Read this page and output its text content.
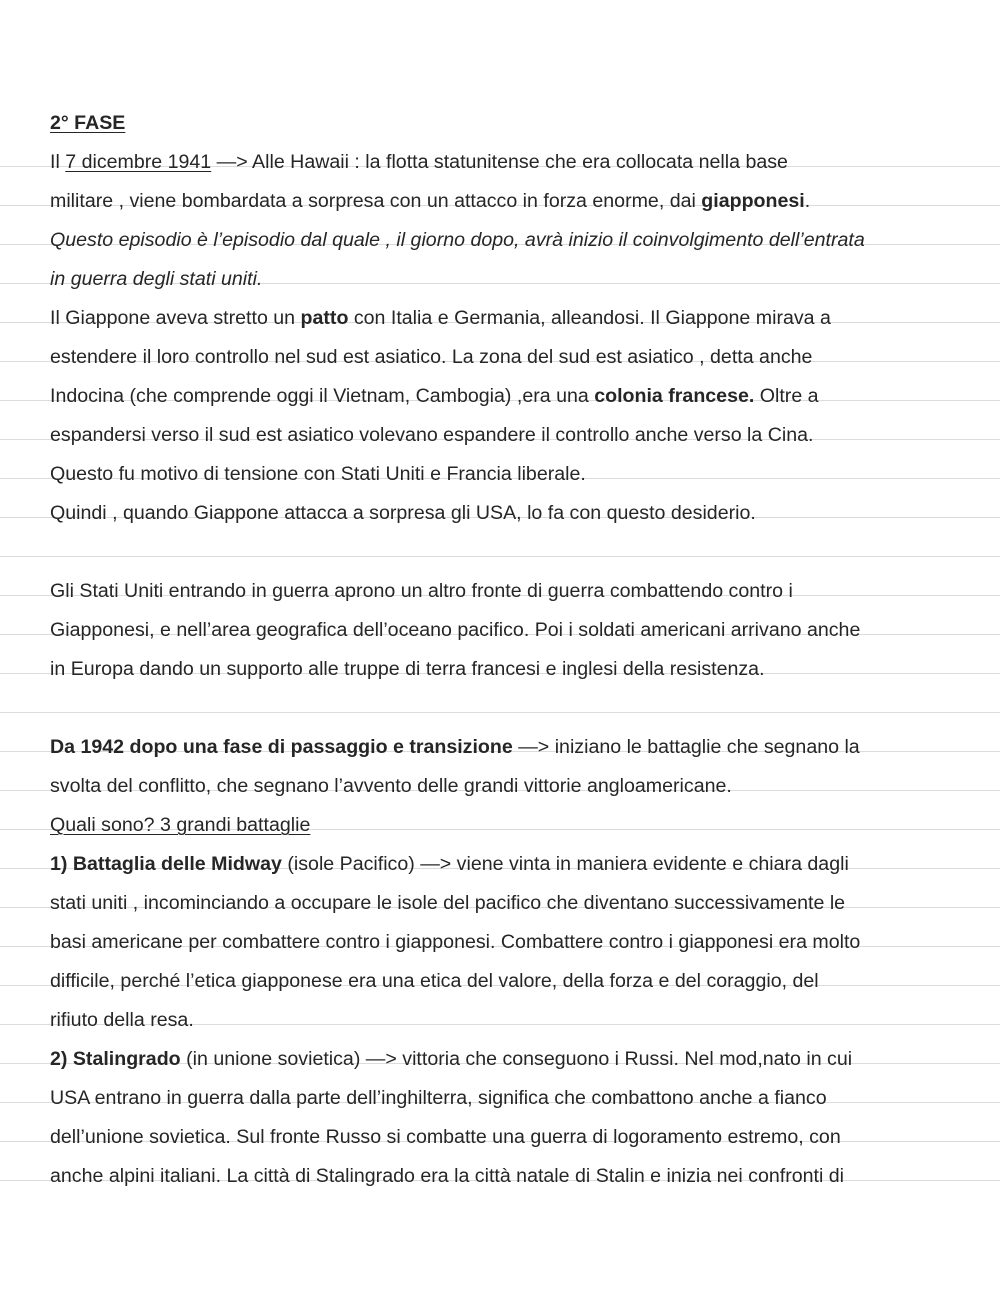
2° FASE
Il 7 dicembre 1941 —> Alle Hawaii : la flotta statunitense che era collocata nella base
militare , viene bombardata a sorpresa con un attacco in forza enorme, dai giapponesi.
Questo episodio è l’episodio dal quale , il giorno dopo, avrà inizio il coinvolgimento dell’entrata
in guerra degli stati uniti.
Il Giappone aveva stretto un patto con Italia e Germania, alleandosi. Il Giappone mirava a
estendere il loro controllo nel sud est asiatico. La zona del sud est asiatico , detta anche
Indocina (che comprende oggi il Vietnam, Cambogia) ,era una colonia francese. Oltre a
espandersi verso il sud est asiatico volevano espandere il controllo anche verso la Cina.
Questo fu motivo di tensione con Stati Uniti e Francia liberale.
Quindi , quando Giappone attacca a sorpresa gli USA, lo fa con questo desiderio.
Gli Stati Uniti entrando in guerra aprono un altro fronte di guerra combattendo contro i
Giapponesi, e nell’area geografica dell’oceano pacifico. Poi i soldati americani arrivano anche
in Europa dando un supporto alle truppe di terra francesi e inglesi della resistenza.
Da 1942 dopo una fase di passaggio e transizione —> iniziano le battaglie che segnano la
svolta del conflitto, che segnano l’avvento delle grandi vittorie angloamericane.
Quali sono? 3 grandi battaglie
1) Battaglia delle Midway (isole Pacifico) —> viene vinta in maniera evidente e chiara dagli
stati uniti , incominciando a occupare le isole del pacifico che diventano successivamente le
basi americane per combattere contro i giapponesi. Combattere contro i giapponesi era molto
difficile, perché l’etica giapponese era una etica del valore, della forza e del coraggio, del
rifiuto della resa.
2) Stalingrado (in unione sovietica) —> vittoria che conseguono i Russi. Nel mod,nato in cui
USA entrano in guerra dalla parte dell’inghilterra, significa che combattono anche a fianco
dell’unione sovietica. Sul fronte Russo si combatte una guerra di logoramento estremo, con
anche alpini italiani. La città di Stalingrado era la città natale di Stalin e inizia nei confronti di
